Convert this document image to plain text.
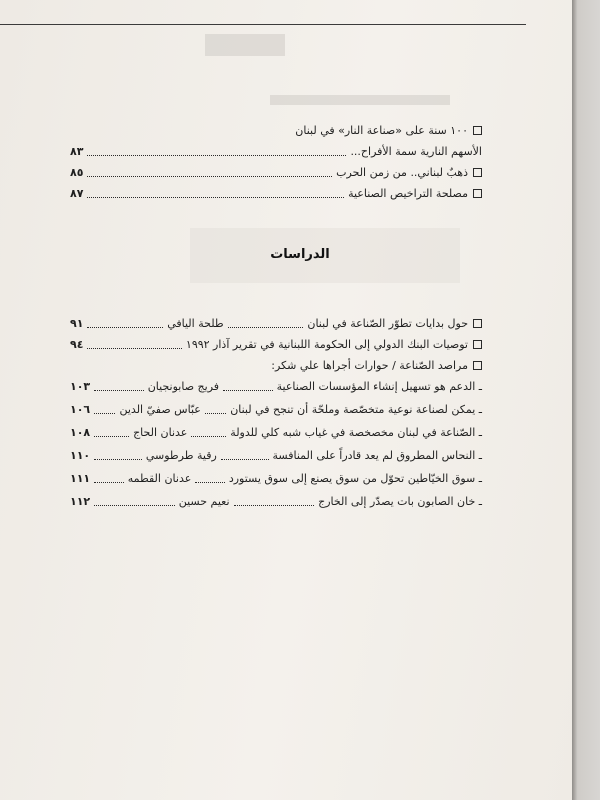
١٠٠ سنة على «صناعة النار» في لبنان
الأسهم النارية سمة الأفراح...
٨٣
ذهبٌ لبناني.. من زمن الحرب
٨٥
مصلحة التراخيص الصناعية
٨٧
الدراسات
حول بدايات تطوّر الصّناعة في لبنان
طلحة اليافي
٩١
توصيات البنك الدولي إلى الحكومة اللبنانية في تقرير آذار ١٩٩٢
٩٤
مراصد الصّناعة / حوارات أجراها علي شكر:
ـ الدعم هو تسهيل إنشاء المؤسسات الصناعية
فريج صابونجيان
١٠٣
ـ يمكن لصناعة نوعية متخصّصة وملحّة أن تنجح في لبنان
عبّاس صفيّ الدين
١٠٦
ـ الصّناعة في لبنان مخصخصة في غياب شبه كلي للدولة
عدنان الحاج
١٠٨
ـ النحاس المطروق لم يعد قادراً على المنافسة
رقية طرطوسي
١١٠
ـ سوق الخيّاطين تحوّل من سوق يصنع إلى سوق يستورد
عدنان القطمه
١١١
ـ خان الصابون بات يصدّر إلى الخارج
نعيم حسين
١١٢
